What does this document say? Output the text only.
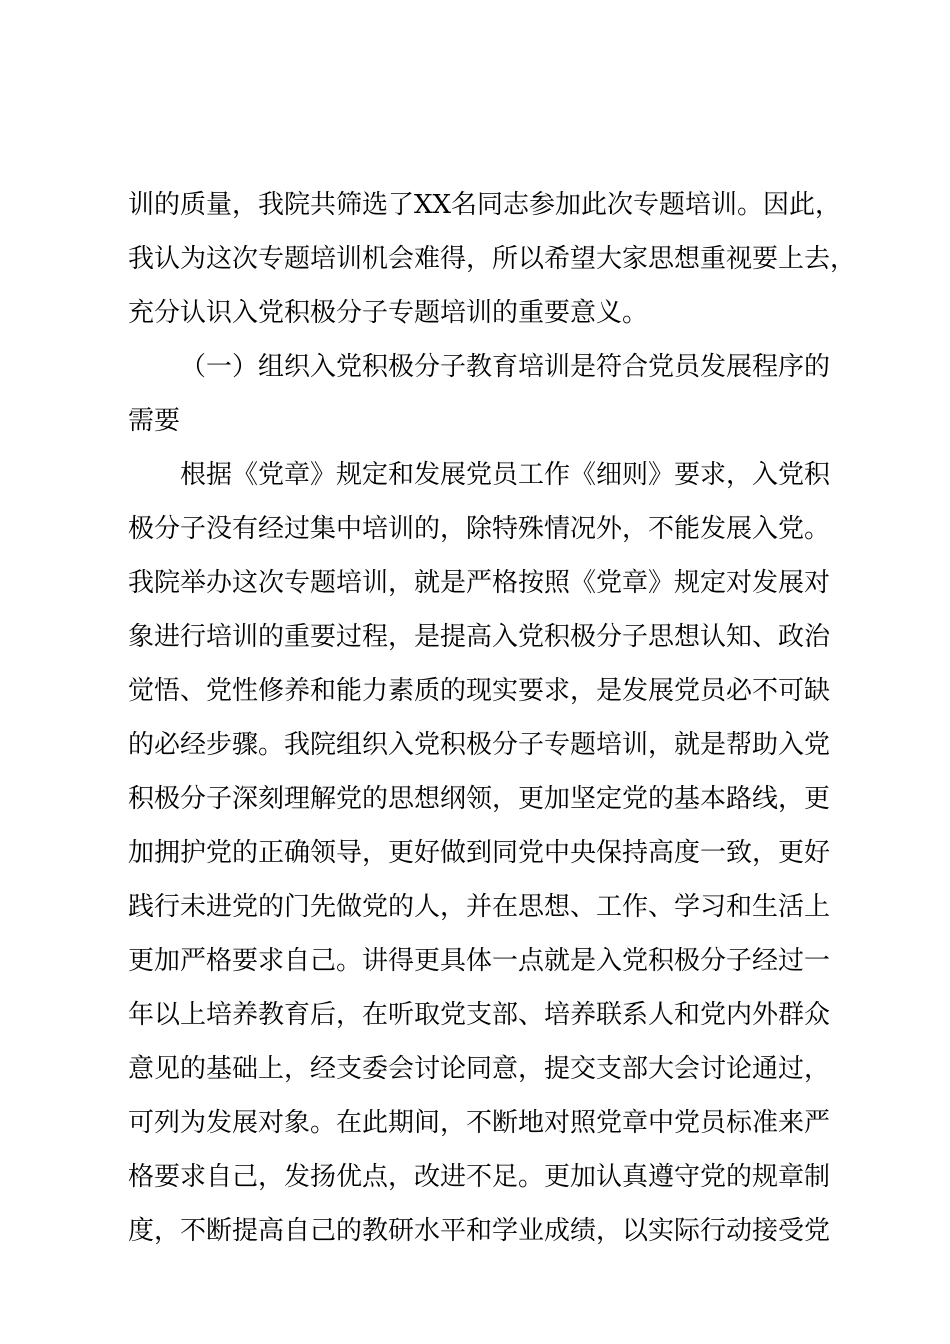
训的质量，我院共筛选了XX名同志参加此次专题培训。因此，
我认为这次专题培训机会难得，所以希望大家思想重视要上去，
充分认识入党积极分子专题培训的重要意义。
（一）组织入党积极分子教育培训是符合党员发展程序的
需要
根据《党章》规定和发展党员工作《细则》要求，入党积
极分子没有经过集中培训的，除特殊情况外，不能发展入党。
我院举办这次专题培训，就是严格按照《党章》规定对发展对
象进行培训的重要过程，是提高入党积极分子思想认知、政治
觉悟、党性修养和能力素质的现实要求，是发展党员必不可缺
的必经步骤。我院组织入党积极分子专题培训，就是帮助入党
积极分子深刻理解党的思想纲领，更加坚定党的基本路线，更
加拥护党的正确领导，更好做到同党中央保持高度一致，更好
践行未进党的门先做党的人，并在思想、工作、学习和生活上
更加严格要求自己。讲得更具体一点就是入党积极分子经过一
年以上培养教育后，在听取党支部、培养联系人和党内外群众
意见的基础上，经支委会讨论同意，提交支部大会讨论通过，
可列为发展对象。在此期间，不断地对照党章中党员标准来严
格要求自己，发扬优点，改进不足。更加认真遵守党的规章制
度，不断提高自己的教研水平和学业成绩，以实际行动接受党
